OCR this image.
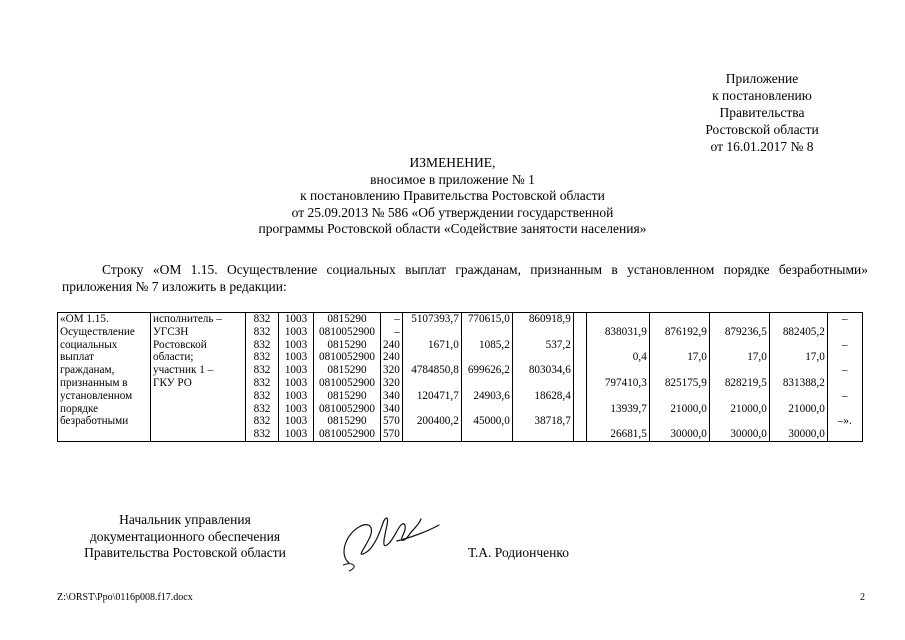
Приложение
к постановлению
Правительства
Ростовской области
от 16.01.2017 № 8
ИЗМЕНЕНИЕ,
вносимое в приложение № 1
к постановлению Правительства Ростовской области
от 25.09.2013 № 586 «Об утверждении государственной
программы Ростовской области «Содействие занятости населения»
Строку «ОМ 1.15. Осуществление социальных выплат гражданам, признанным в установленном порядке безработными» приложения № 7 изложить в редакции:
«ОМ 1.15.	исполнитель –	832	1003	0815290	–	5107393,7	770615,0	860918,9						–
Осуществление	УГСЗН	832	1003	0810052900	–					838031,9	876192,9	879236,5	882405,2	
социальных	Ростовской	832	1003	0815290	240	1671,0	1085,2	537,2						–
выплат	области;	832	1003	0810052900	240					0,4	17,0	17,0	17,0	
гражданам,	участник 1 –	832	1003	0815290	320	4784850,8	699626,2	803034,6						–
признанным в	ГКУ РО	832	1003	0810052900	320					797410,3	825175,9	828219,5	831388,2	
установленном		832	1003	0815290	340	120471,7	24903,6	18628,4						–
порядке		832	1003	0810052900	340					13939,7	21000,0	21000,0	21000,0	
безработными		832	1003	0815290	570	200400,2	45000,0	38718,7						–».
		832	1003	0810052900	570					26681,5	30000,0	30000,0	30000,0	
Начальник управления
документационного обеспечения
Правительства Ростовской области	Т.А. Родионченко
Z:\ORST\Ppo\0116p008.f17.docx	2
